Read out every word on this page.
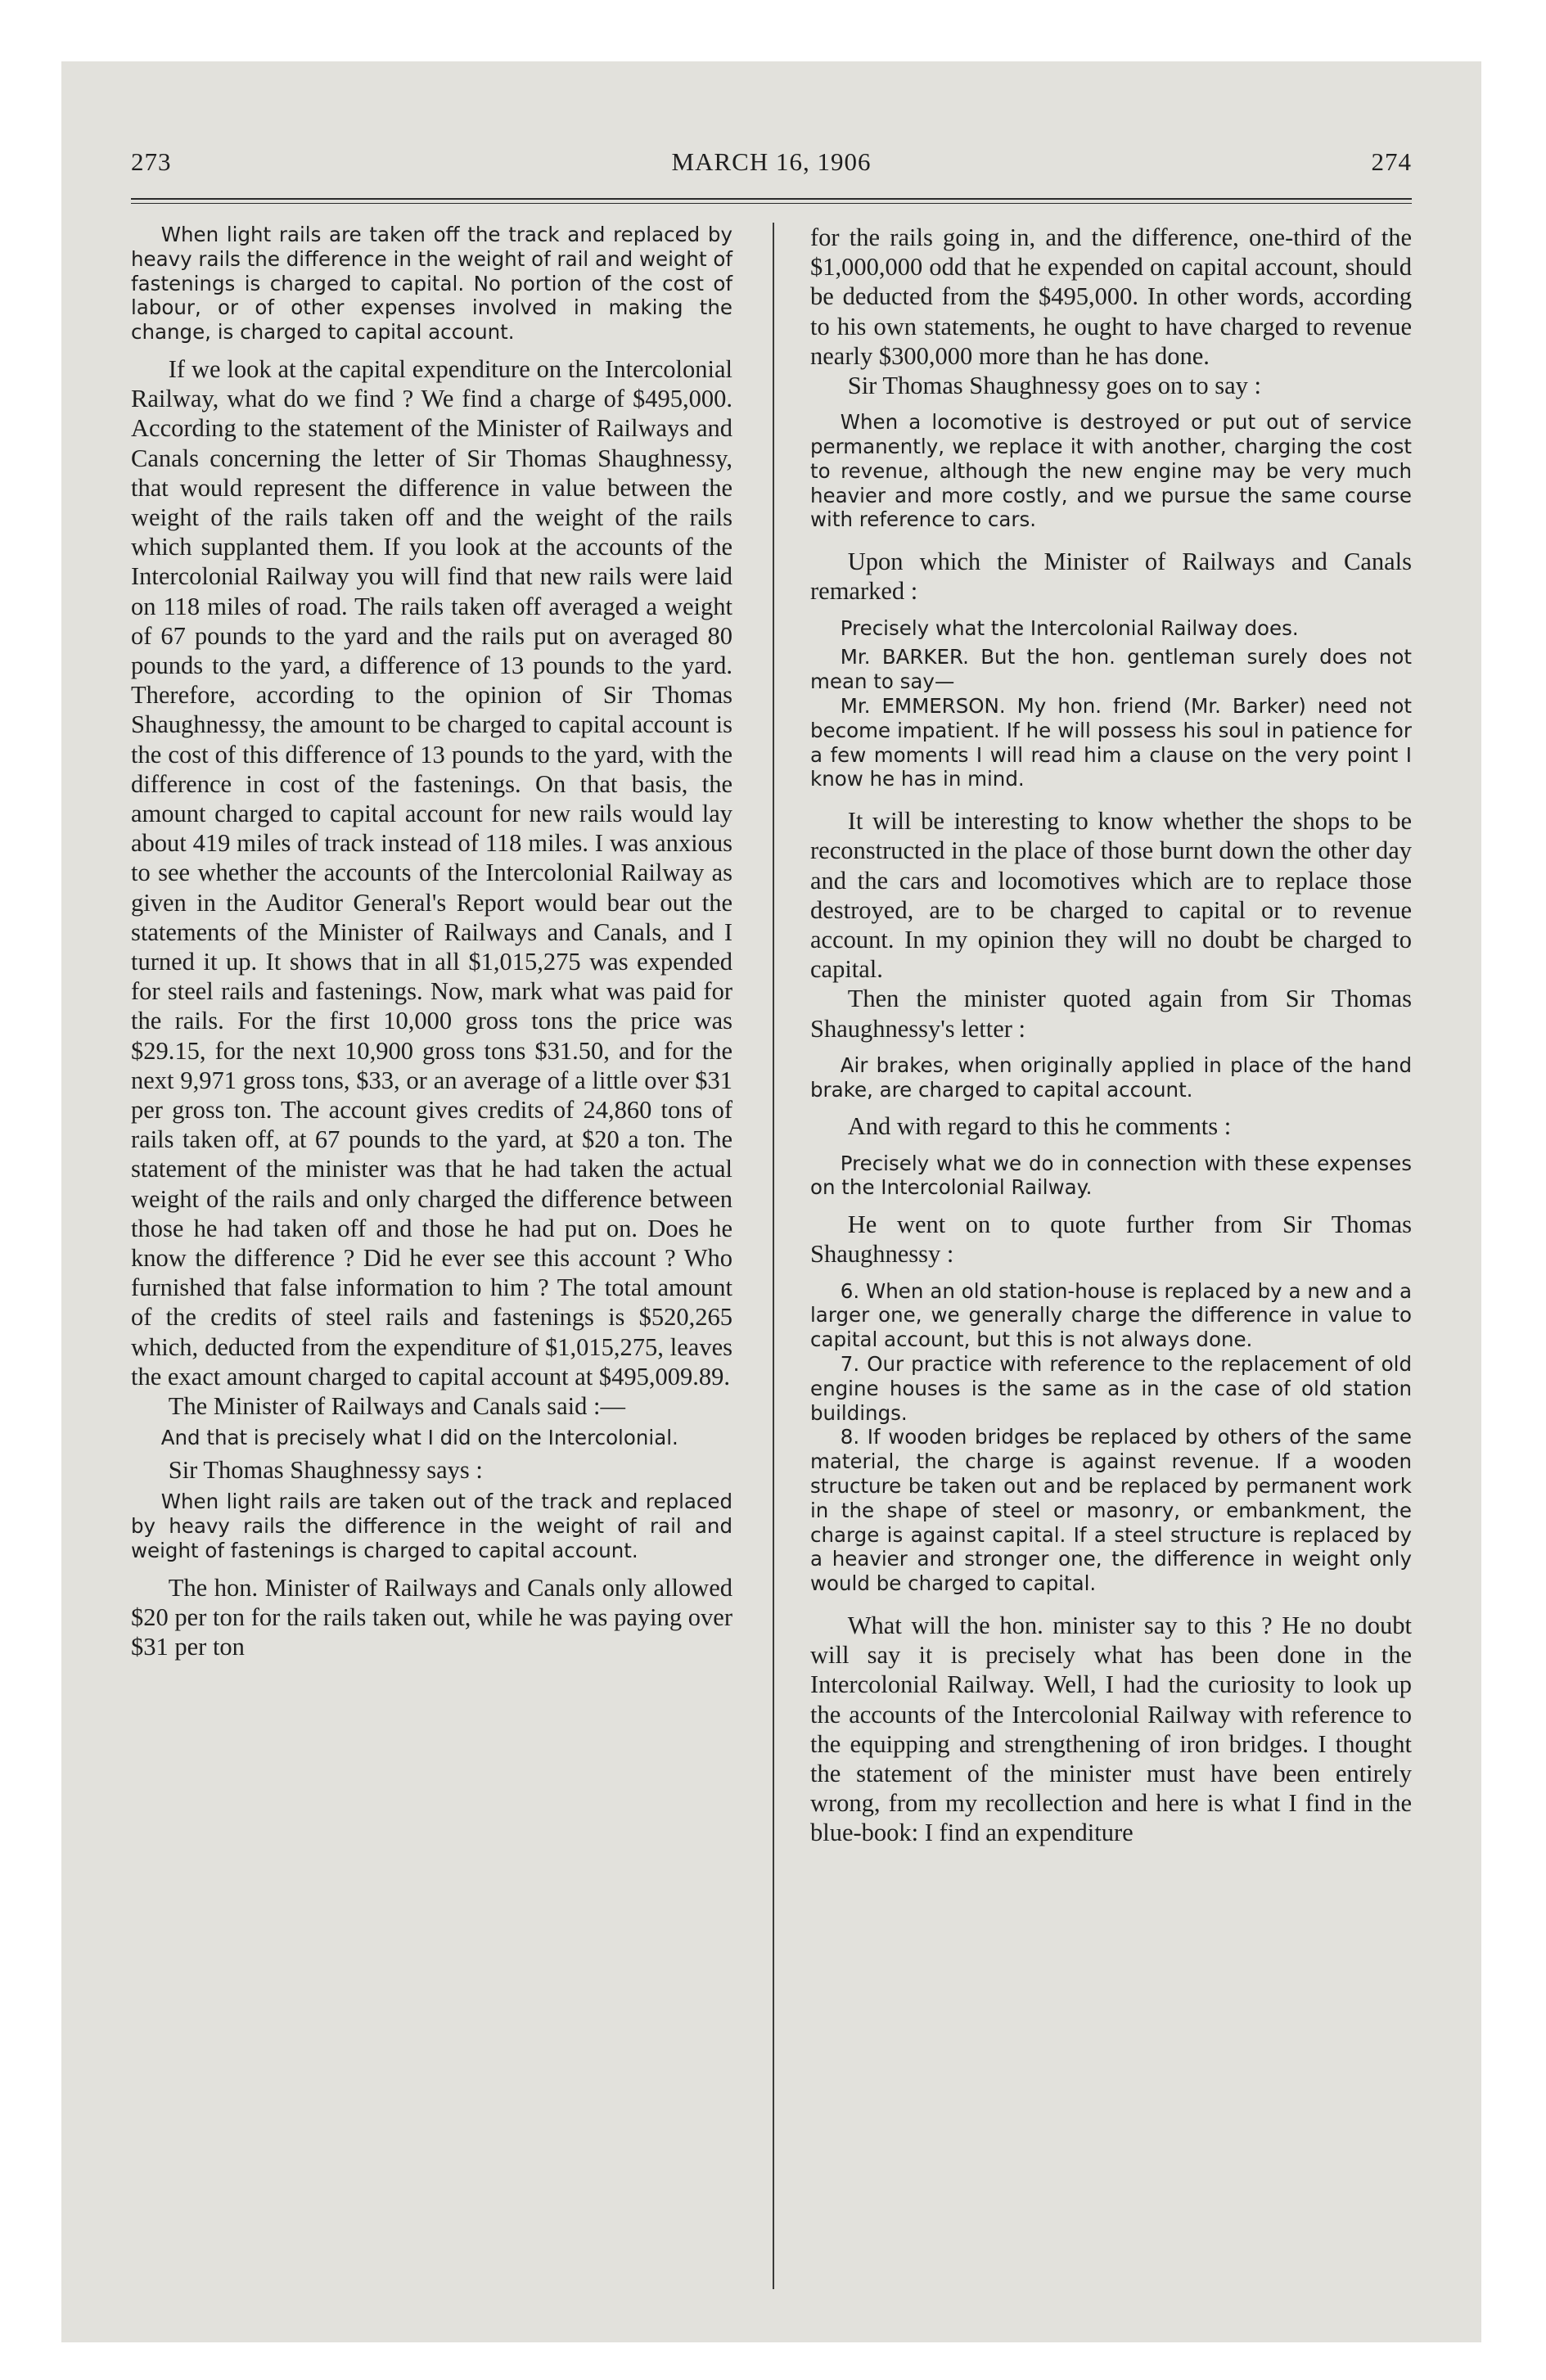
273	MARCH 16, 1906	274

When light rails are taken off the track and replaced by heavy rails the difference in the weight of rail and weight of fastenings is charged to capital. No portion of the cost of labour, or of other expenses involved in making the change, is charged to capital account.

If we look at the capital expenditure on the Intercolonial Railway, what do we find ? We find a charge of $495,000. According to the statement of the Minister of Railways and Canals concerning the letter of Sir Thomas Shaughnessy, that would represent the difference in value between the weight of the rails taken off and the weight of the rails which supplanted them. If you look at the accounts of the Intercolonial Railway you will find that new rails were laid on 118 miles of road. The rails taken off averaged a weight of 67 pounds to the yard and the rails put on averaged 80 pounds to the yard, a difference of 13 pounds to the yard. Therefore, according to the opinion of Sir Thomas Shaughnessy, the amount to be charged to capital account is the cost of this difference of 13 pounds to the yard, with the difference in cost of the fastenings. On that basis, the amount charged to capital account for new rails would lay about 419 miles of track instead of 118 miles. I was anxious to see whether the accounts of the Intercolonial Railway as given in the Auditor General's Report would bear out the statements of the Minister of Railways and Canals, and I turned it up. It shows that in all $1,015,275 was expended for steel rails and fastenings. Now, mark what was paid for the rails. For the first 10,000 gross tons the price was $29.15, for the next 10,900 gross tons $31.50, and for the next 9,971 gross tons, $33, or an average of a little over $31 per gross ton. The account gives credits of 24,860 tons of rails taken off, at 67 pounds to the yard, at $20 a ton. The statement of the minister was that he had taken the actual weight of the rails and only charged the difference between those he had taken off and those he had put on. Does he know the difference ? Did he ever see this account ? Who furnished that false information to him ? The total amount of the credits of steel rails and fastenings is $520,265 which, deducted from the expenditure of $1,015,275, leaves the exact amount charged to capital account at $495,009.89.

The Minister of Railways and Canals said :—

And that is precisely what I did on the Intercolonial.

Sir Thomas Shaughnessy says :

When light rails are taken out of the track and replaced by heavy rails the difference in the weight of rail and weight of fastenings is charged to capital account.

The hon. Minister of Railways and Canals only allowed $20 per ton for the rails taken out, while he was paying over $31 per ton

for the rails going in, and the difference, one-third of the $1,000,000 odd that he expended on capital account, should be deducted from the $495,000. In other words, according to his own statements, he ought to have charged to revenue nearly $300,000 more than he has done.

Sir Thomas Shaughnessy goes on to say :

When a locomotive is destroyed or put out of service permanently, we replace it with another, charging the cost to revenue, although the new engine may be very much heavier and more costly, and we pursue the same course with reference to cars.

Upon which the Minister of Railways and Canals remarked :

Precisely what the Intercolonial Railway does.

Mr. BARKER. But the hon. gentleman surely does not mean to say—

Mr. EMMERSON. My hon. friend (Mr. Barker) need not become impatient. If he will possess his soul in patience for a few moments I will read him a clause on the very point I know he has in mind.

It will be interesting to know whether the shops to be reconstructed in the place of those burnt down the other day and the cars and locomotives which are to replace those destroyed, are to be charged to capital or to revenue account. In my opinion they will no doubt be charged to capital.

Then the minister quoted again from Sir Thomas Shaughnessy's letter :

Air brakes, when originally applied in place of the hand brake, are charged to capital account.

And with regard to this he comments :

Precisely what we do in connection with these expenses on the Intercolonial Railway.

He went on to quote further from Sir Thomas Shaughnessy :

6. When an old station-house is replaced by a new and a larger one, we generally charge the difference in value to capital account, but this is not always done.

7. Our practice with reference to the replacement of old engine houses is the same as in the case of old station buildings.

8. If wooden bridges be replaced by others of the same material, the charge is against revenue. If a wooden structure be taken out and be replaced by permanent work in the shape of steel or masonry, or embankment, the charge is against capital. If a steel structure is replaced by a heavier and stronger one, the difference in weight only would be charged to capital.

What will the hon. minister say to this ? He no doubt will say it is precisely what has been done in the Intercolonial Railway. Well, I had the curiosity to look up the accounts of the Intercolonial Railway with reference to the equipping and strengthening of iron bridges. I thought the statement of the minister must have been entirely wrong, from my recollection and here is what I find in the blue-book: I find an expenditure
